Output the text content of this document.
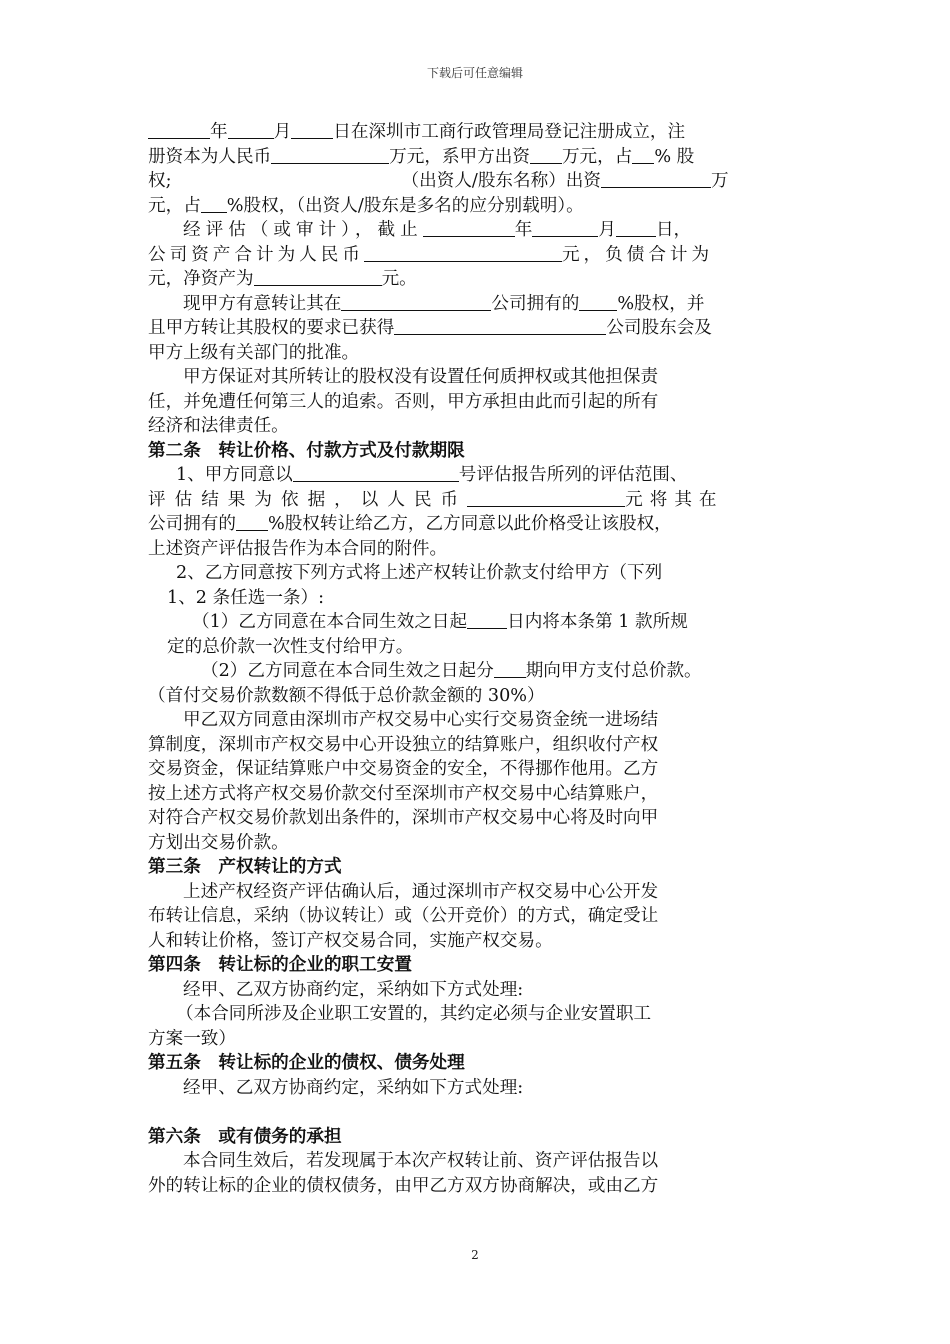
下载后可任意编辑
年	月 日在深圳市工商行政管理局登记注册成立，注
册资本为人民币	万元，系甲方出资 万元，占 % 股
权;	（出资人/股东名称）出资	万
元，占 %股权，（出资人/股东是多名的应分别载明）。
经评估（或审计），截止	年	月 日，
公司资产合计为人民币	元，负债合计为
元，净资产为	元。
现甲方有意转让其在	公司拥有的 %股权，并
且甲方转让其股权的要求已获得	公司股东会及
甲方上级有关部门的批准。
甲方保证对其所转让的股权没有设置任何质押权或其他担保责
任，并免遭任何第三人的追索。否则，甲方承担由此而引起的所有
经济和法律责任。
第二条　转让价格、付款方式及付款期限
1、甲方同意以	号评估报告所列的评估范围、
评估结果为依据，以人民币	元将其在
公司拥有的 %股权转让给乙方，乙方同意以此价格受让该股权，
上述资产评估报告作为本合同的附件。
2、乙方同意按下列方式将上述产权转让价款支付给甲方（下列
1、2 条任选一条）:
（1）乙方同意在本合同生效之日起 日内将本条第 1 款所规
定的总价款一次性支付给甲方。
（2）乙方同意在本合同生效之日起分 期向甲方支付总价款。
（首付交易价款数额不得低于总价款金额的 30%）
甲乙双方同意由深圳市产权交易中心实行交易资金统一进场结
算制度，深圳市产权交易中心开设独立的结算账户，组织收付产权
交易资金，保证结算账户中交易资金的安全，不得挪作他用。乙方
按上述方式将产权交易价款交付至深圳市产权交易中心结算账户，
对符合产权交易价款划出条件的，深圳市产权交易中心将及时向甲
方划出交易价款。
第三条　产权转让的方式
上述产权经资产评估确认后，通过深圳市产权交易中心公开发
布转让信息，采纳（协议转让）或（公开竞价）的方式，确定受让
人和转让价格，签订产权交易合同，实施产权交易。
第四条　转让标的企业的职工安置
经甲、乙双方协商约定，采纳如下方式处理:
（本合同所涉及企业职工安置的，其约定必须与企业安置职工
方案一致）
第五条　转让标的企业的债权、债务处理
经甲、乙双方协商约定，采纳如下方式处理:
第六条　或有债务的承担
本合同生效后，若发现属于本次产权转让前、资产评估报告以
外的转让标的企业的债权债务，由甲乙方双方协商解决，或由乙方
2
